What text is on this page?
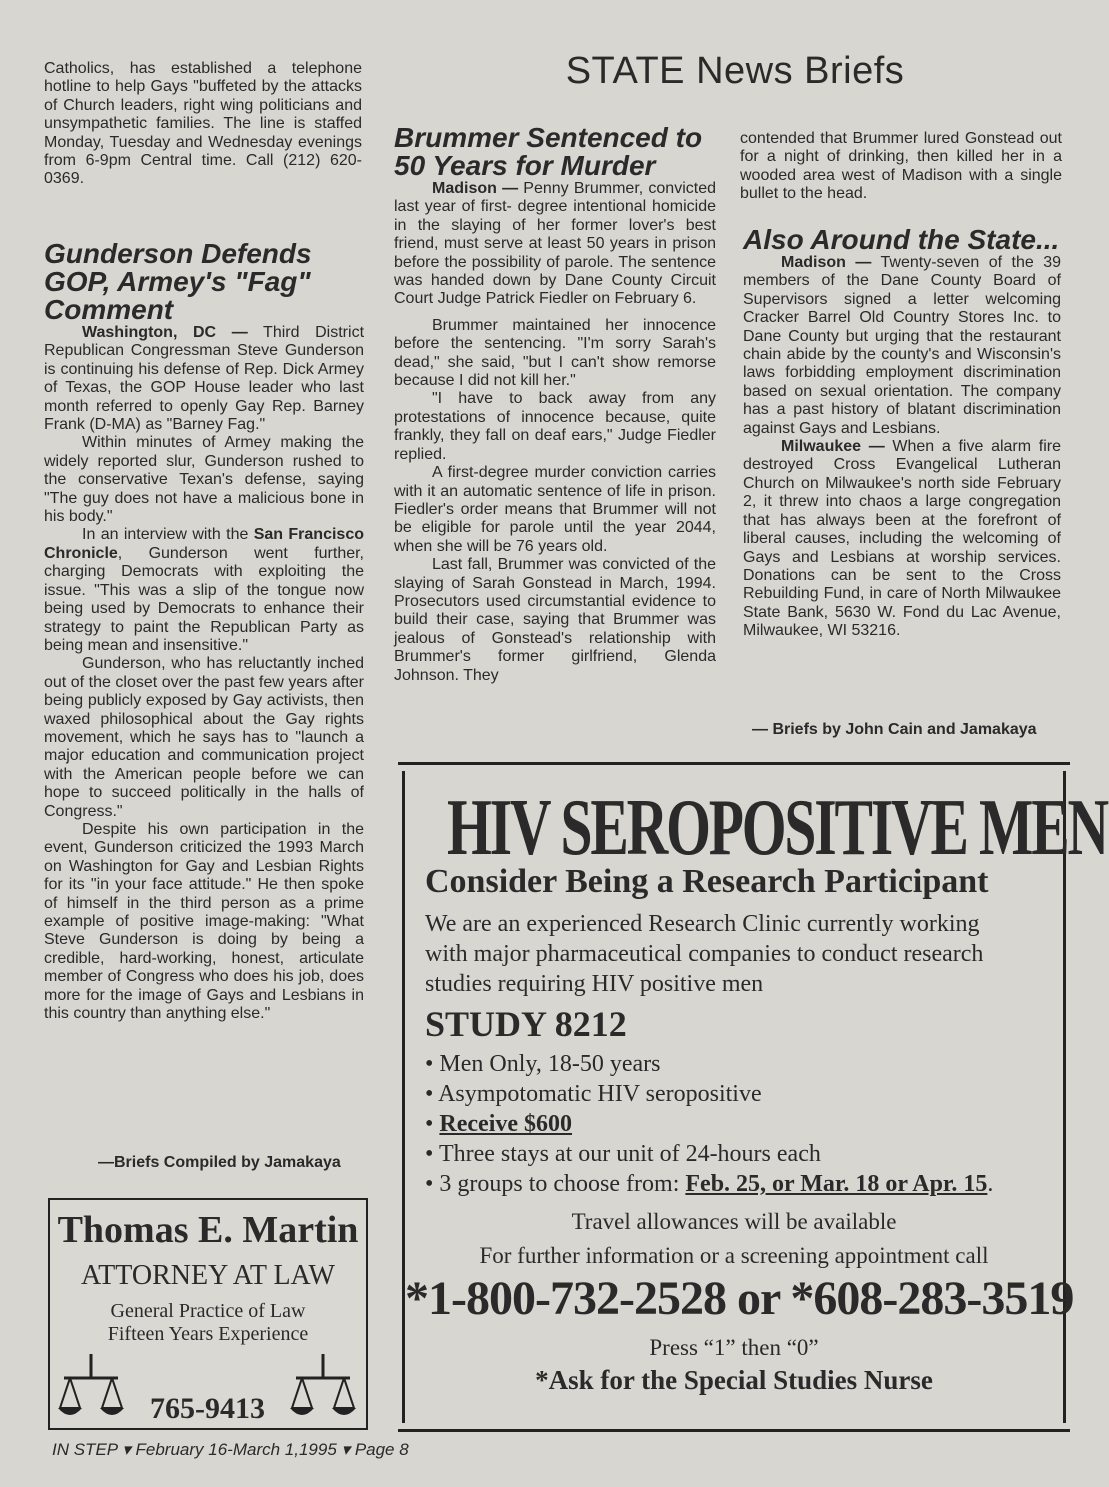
Catholics, has established a telephone hotline to help Gays "buffeted by the attacks of Church leaders, right wing politicians and unsympathetic families. The line is staffed Monday, Tuesday and Wednesday evenings from 6-9pm Central time. Call (212) 620-0369.

Gunderson Defends GOP, Armey's "Fag" Comment

Washington, DC — Third District Republican Congressman Steve Gunderson is continuing his defense of Rep. Dick Armey of Texas, the GOP House leader who last month referred to openly Gay Rep. Barney Frank (D-MA) as "Barney Fag."

Within minutes of Armey making the widely reported slur, Gunderson rushed to the conservative Texan's defense, saying "The guy does not have a malicious bone in his body."

In an interview with the San Francisco Chronicle, Gunderson went further, charging Democrats with exploiting the issue. "This was a slip of the tongue now being used by Democrats to enhance their strategy to paint the Republican Party as being mean and insensitive."

Gunderson, who has reluctantly inched out of the closet over the past few years after being publicly exposed by Gay activists, then waxed philosophical about the Gay rights movement, which he says has to "launch a major education and communication project with the American people before we can hope to succeed politically in the halls of Congress."

Despite his own participation in the event, Gunderson criticized the 1993 March on Washington for Gay and Lesbian Rights for its "in your face attitude." He then spoke of himself in the third person as a prime example of positive image-making: "What Steve Gunderson is doing by being a credible, hard-working, honest, articulate member of Congress who does his job, does more for the image of Gays and Lesbians in this country than anything else."

—Briefs Compiled by Jamakaya
STATE News Briefs
Brummer Sentenced to 50 Years for Murder

Madison — Penny Brummer, convicted last year of first- degree intentional homicide in the slaying of her former lover's best friend, must serve at least 50 years in prison before the possibility of parole. The sentence was handed down by Dane County Circuit Court Judge Patrick Fiedler on February 6.

Brummer maintained her innocence before the sentencing. "I'm sorry Sarah's dead," she said, "but I can't show remorse because I did not kill her."

"I have to back away from any protestations of innocence because, quite frankly, they fall on deaf ears," Judge Fiedler replied.

A first-degree murder conviction carries with it an automatic sentence of life in prison. Fiedler's order means that Brummer will not be eligible for parole until the year 2044, when she will be 76 years old.

Last fall, Brummer was convicted of the slaying of Sarah Gonstead in March, 1994. Prosecutors used circumstantial evidence to build their case, saying that Brummer was jealous of Gonstead's relationship with Brummer's former girlfriend, Glenda Johnson. They

contended that Brummer lured Gonstead out for a night of drinking, then killed her in a wooded area west of Madison with a single bullet to the head.

Also Around the State...

Madison — Twenty-seven of the 39 members of the Dane County Board of Supervisors signed a letter welcoming Cracker Barrel Old Country Stores Inc. to Dane County but urging that the restaurant chain abide by the county's and Wisconsin's laws forbidding employment discrimination based on sexual orientation. The company has a past history of blatant discrimination against Gays and Lesbians.

Milwaukee — When a five alarm fire destroyed Cross Evangelical Lutheran Church on Milwaukee's north side February 2, it threw into chaos a large congregation that has always been at the forefront of liberal causes, including the welcoming of Gays and Lesbians at worship services. Donations can be sent to the Cross Rebuilding Fund, in care of North Milwaukee State Bank, 5630 W. Fond du Lac Avenue, Milwaukee, WI 53216.

— Briefs by John Cain and Jamakaya
Thomas E. Martin
ATTORNEY AT LAW
General Practice of Law
Fifteen Years Experience
765-9413
HIV SEROPOSITIVE MEN
Consider Being a Research Participant
We are an experienced Research Clinic currently working
with major pharmaceutical companies to conduct research
studies requiring HIV positive men
STUDY 8212
• Men Only, 18-50 years
• Asympotomatic HIV seropositive
• Receive $600
• Three stays at our unit of 24-hours each
• 3 groups to choose from: Feb. 25, or Mar. 18 or Apr. 15.
Travel allowances will be available
For further information or a screening appointment call
*1-800-732-2528 or *608-283-3519
Press “1” then “0”
*Ask for the Special Studies Nurse
IN STEP ▾ February 16-March 1,1995 ▾ Page 8
